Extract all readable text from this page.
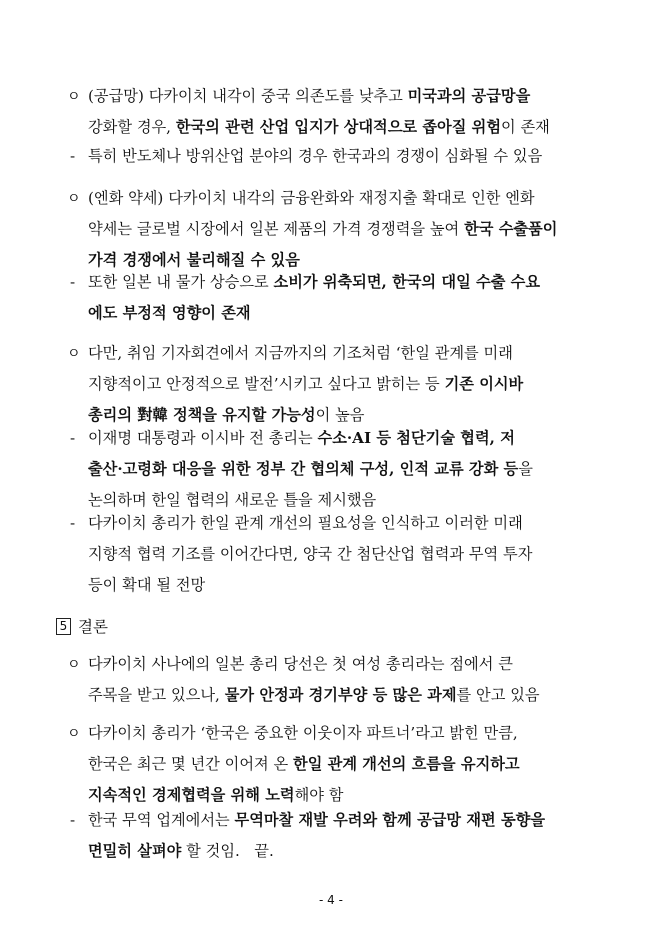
ㅇ (공급망) 다카이치 내각이 중국 의존도를 낮추고 미국과의 공급망을
강화할 경우, 한국의 관련 산업 입지가 상대적으로 좁아질 위험이 존재
- 특히 반도체나 방위산업 분야의 경우 한국과의 경쟁이 심화될 수 있음
ㅇ (엔화 약세) 다카이치 내각의 금융완화와 재정지출 확대로 인한 엔화
약세는 글로벌 시장에서 일본 제품의 가격 경쟁력을 높여 한국 수출품이
가격 경쟁에서 불리해질 수 있음
- 또한 일본 내 물가 상승으로 소비가 위축되면, 한국의 대일 수출 수요
에도 부정적 영향이 존재
ㅇ 다만, 취임 기자회견에서 지금까지의 기조처럼 ‘한일 관계를 미래
지향적이고 안정적으로 발전’시키고 싶다고 밝히는 등 기존 이시바
총리의 對韓 정책을 유지할 가능성이 높음
- 이재명 대통령과 이시바 전 총리는 수소·AI 등 첨단기술 협력, 저
출산·고령화 대응을 위한 정부 간 협의체 구성, 인적 교류 강화 등을
논의하며 한일 협력의 새로운 틀을 제시했음
- 다카이치 총리가 한일 관계 개선의 필요성을 인식하고 이러한 미래
지향적 협력 기조를 이어간다면, 양국 간 첨단산업 협력과 무역 투자
등이 확대 될 전망
5 결론
ㅇ 다카이치 사나에의 일본 총리 당선은 첫 여성 총리라는 점에서 큰
주목을 받고 있으나, 물가 안정과 경기부양 등 많은 과제를 안고 있음
ㅇ 다카이치 총리가 ‘한국은 중요한 이웃이자 파트너’라고 밝힌 만큼,
한국은 최근 몇 년간 이어져 온 한일 관계 개선의 흐름을 유지하고
지속적인 경제협력을 위해 노력해야 함
- 한국 무역 업계에서는 무역마찰 재발 우려와 함께 공급망 재편 동향을
면밀히 살펴야 할 것임.   끝.
- 4 -
